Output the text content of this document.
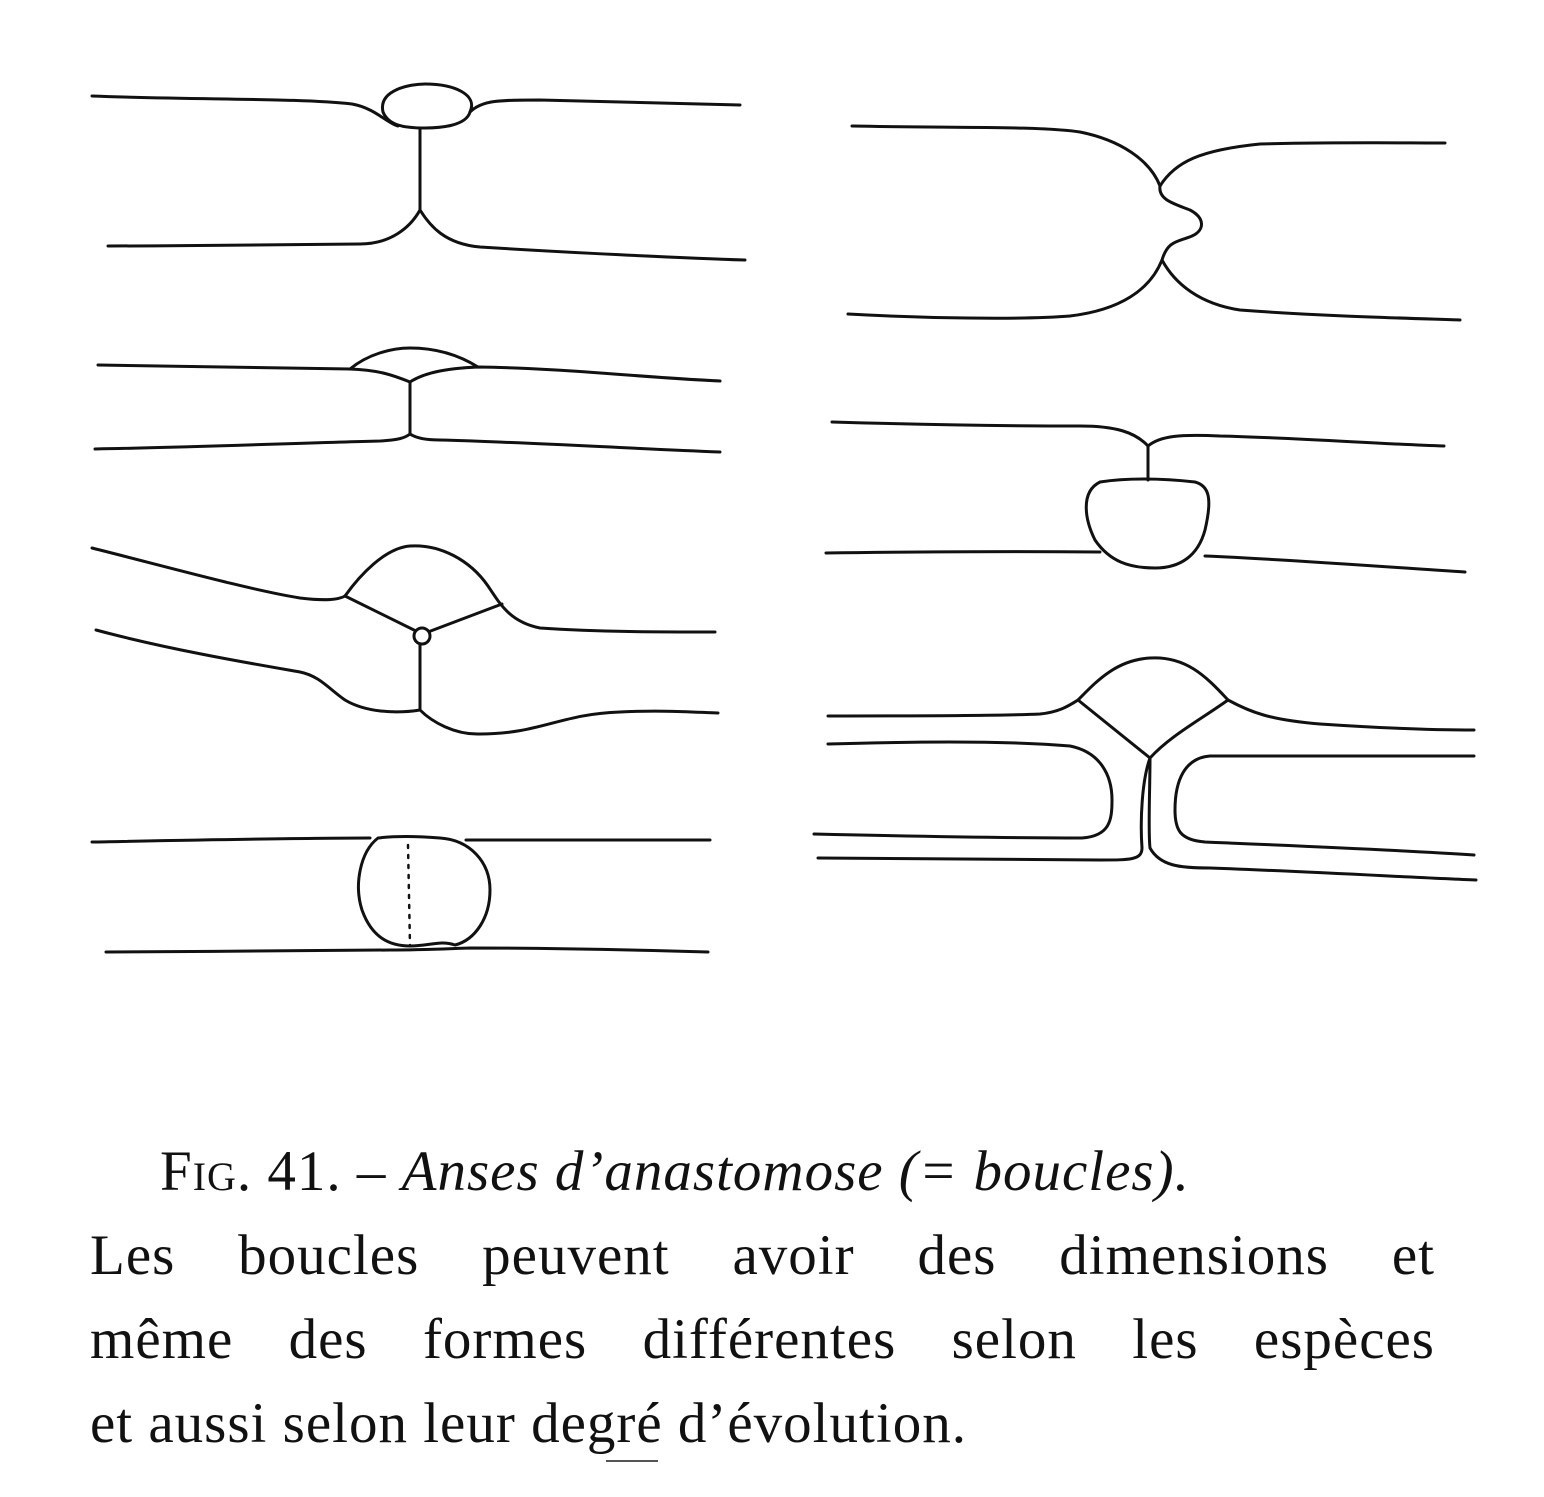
Fig. 41. – Anses d’anastomose (= boucles).
Les boucles peuvent avoir des dimensions et
même des formes différentes selon les espèces
et aussi selon leur degré d’évolution.
